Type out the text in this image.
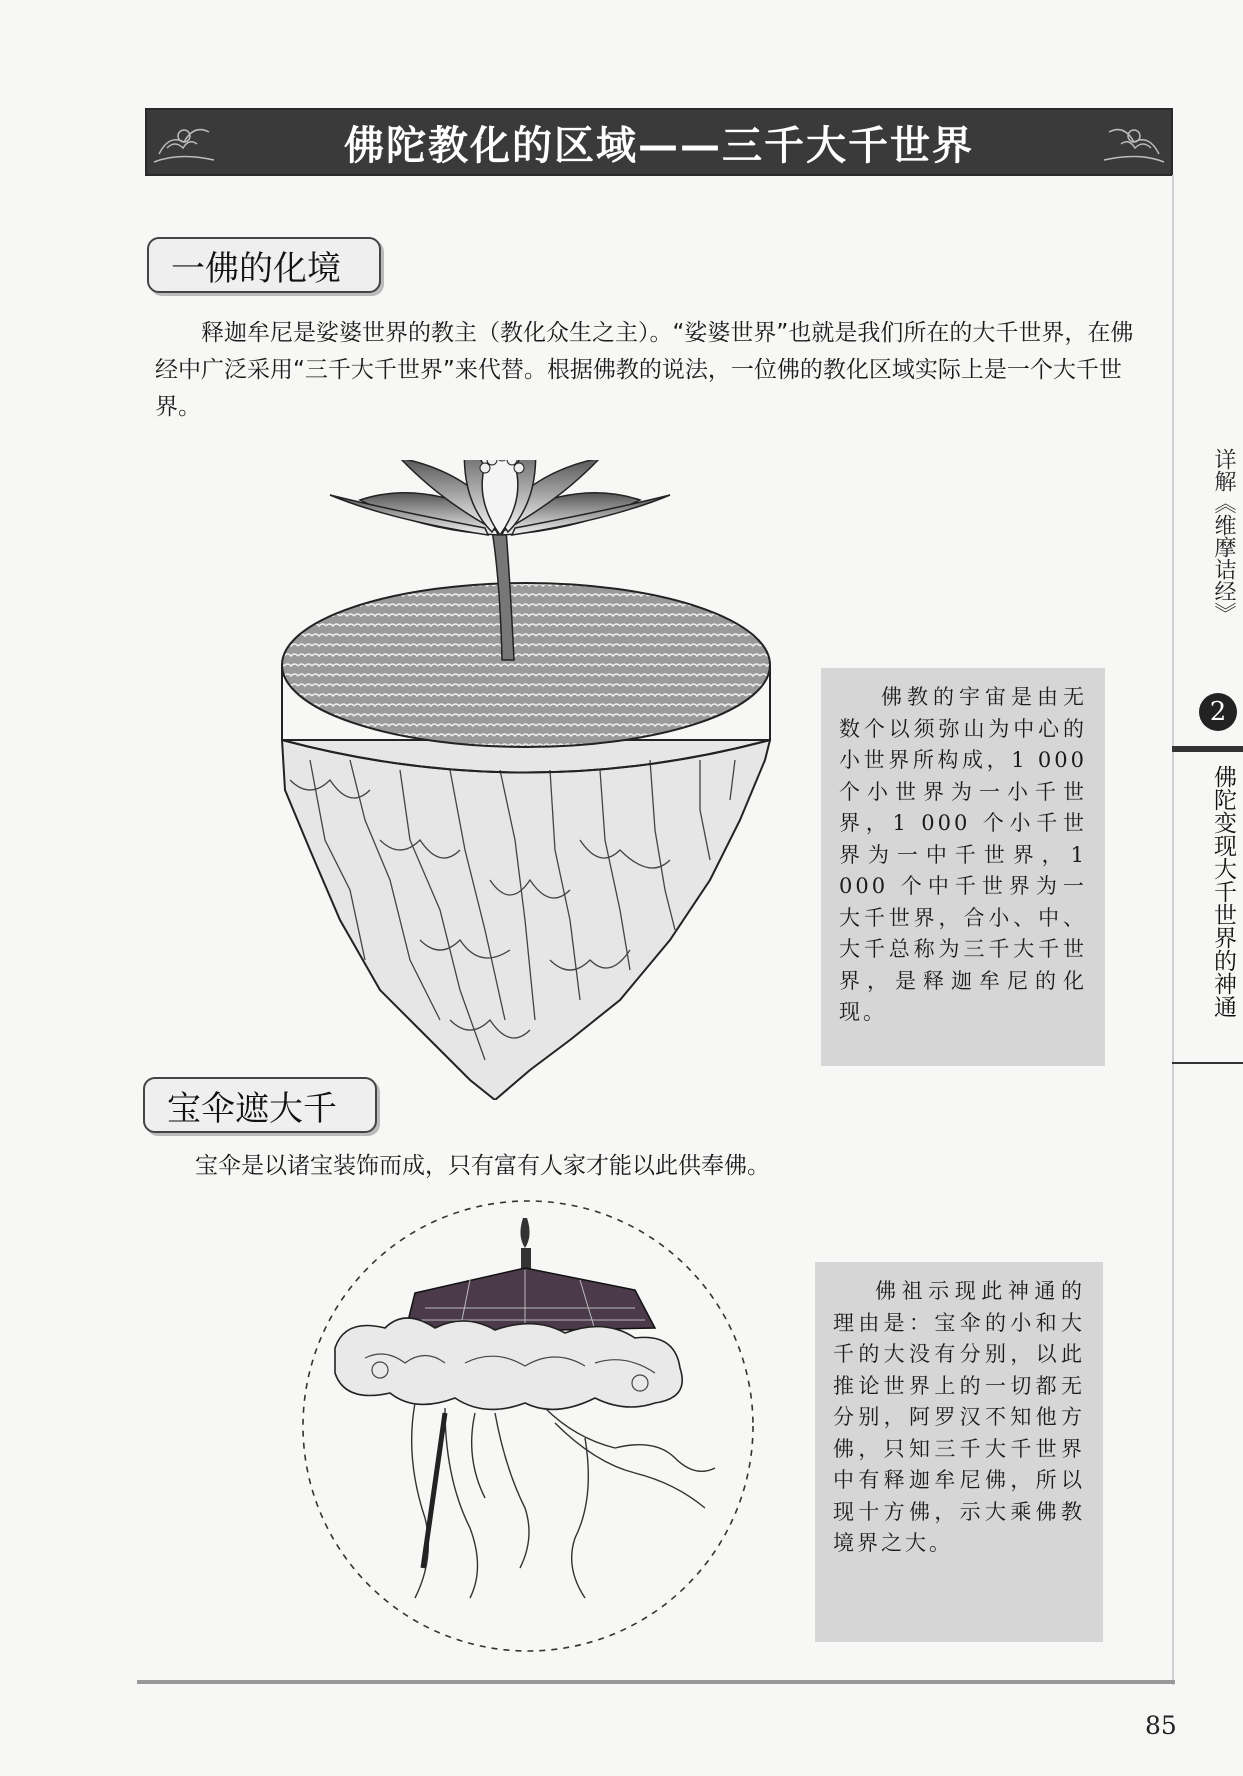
佛陀教化的区域——三千大千世界
一佛的化境
释迦牟尼是娑婆世界的教主（教化众生之主）。“娑婆世界”也就是我们所在的大千世界，在佛经中广泛采用“三千大千世界”来代替。根据佛教的说法，一位佛的教化区域实际上是一个大千世界。
佛教的宇宙是由无数个以须弥山为中心的小世界所构成，1 000 个小世界为一小千世界，1 000 个小千世界为一中千世界，1 000 个中千世界为一大千世界，合小、中、大千总称为三千大千世界，是释迦牟尼的化现。
宝伞遮大千
宝伞是以诸宝装饰而成，只有富有人家才能以此供奉佛。
佛祖示现此神通的理由是：宝伞的小和大千的大没有分别，以此推论世界上的一切都无分别，阿罗汉不知他方佛，只知三千大千世界中有释迦牟尼佛，所以现十方佛，示大乘佛教境界之大。
详解《维摩诘经》
2
佛陀变现大千世界的神通
85
